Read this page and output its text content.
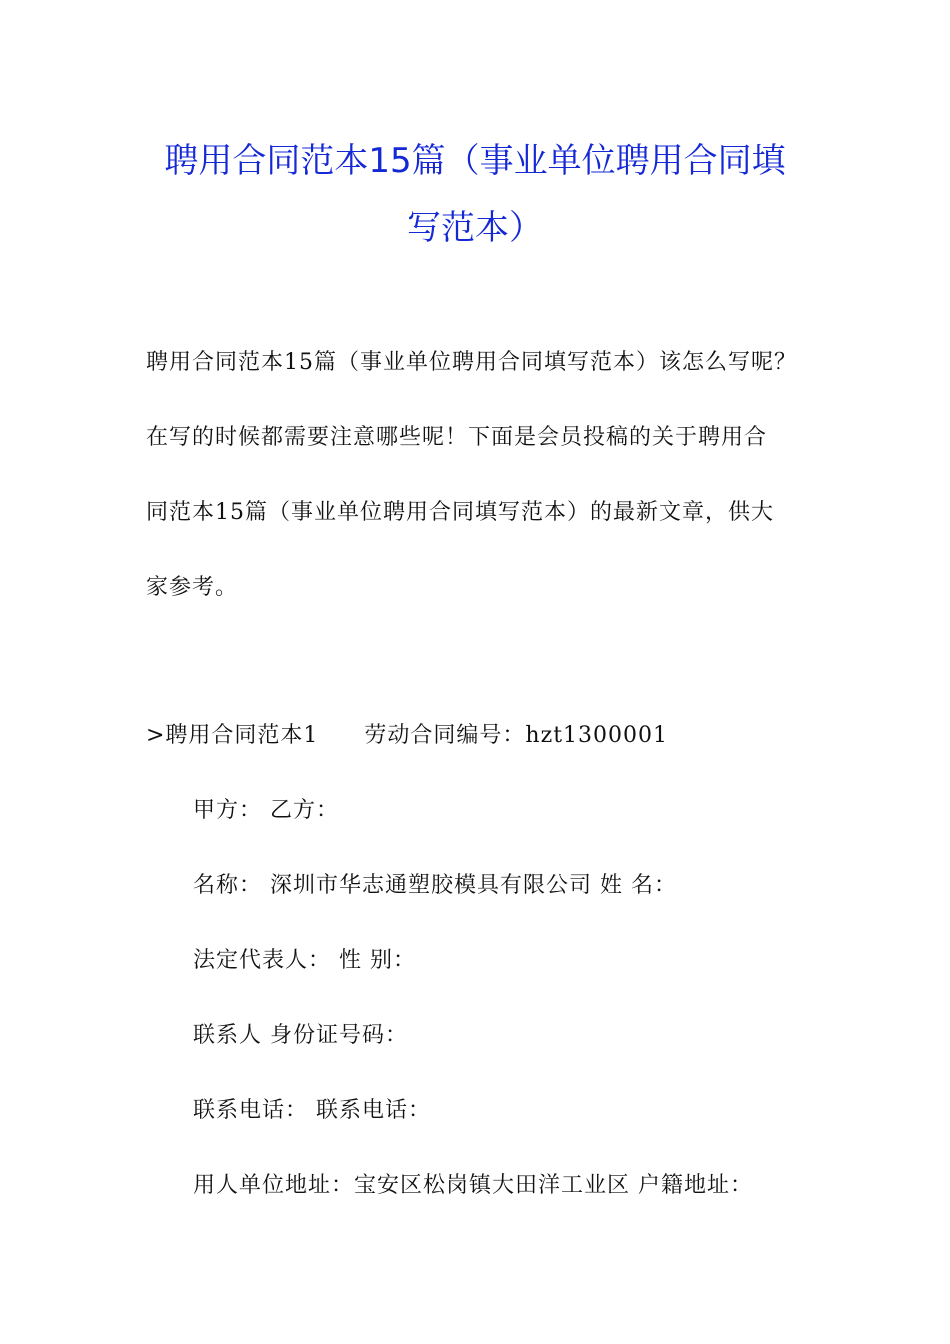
聘用合同范本15篇（事业单位聘用合同填
写范本）

聘用合同范本15篇（事业单位聘用合同填写范本）该怎么写呢？

在写的时候都需要注意哪些呢！下面是会员投稿的关于聘用合

同范本15篇（事业单位聘用合同填写范本）的最新文章，供大

家参考。

>聘用合同范本1　　劳动合同编号：hzt1300001

甲方： 乙方：

名称： 深圳市华志通塑胶模具有限公司 姓 名：

法定代表人： 性 别：

联系人 身份证号码：

联系电话： 联系电话：

用人单位地址：宝安区松岗镇大田洋工业区 户籍地址：
